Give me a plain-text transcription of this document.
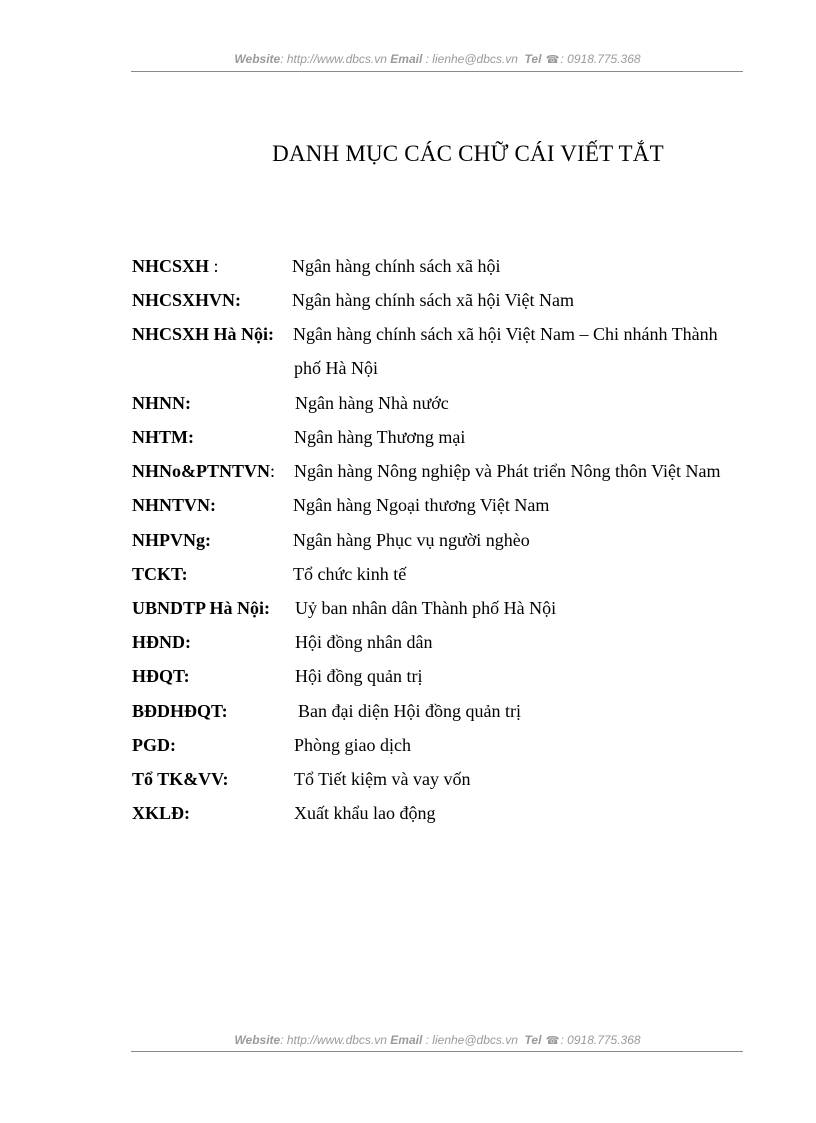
Website: http://www.dbcs.vn Email : lienhe@dbcs.vn Tel ☎: 0918.775.368
DANH MỤC CÁC CHỮ CÁI VIẾT TẮT
NHCSXH :	Ngân hàng chính sách xã hội
NHCSXHVN:	Ngân hàng chính sách xã hội Việt Nam
NHCSXH Hà Nội: Ngân hàng chính sách xã hội Việt Nam – Chi nhánh Thành
phố Hà Nội
NHNN:	Ngân hàng Nhà nước
NHTM:	Ngân hàng Thương mại
NHNo&PTNTVN: Ngân hàng Nông nghiệp và Phát triển Nông thôn Việt Nam
NHNTVN:	Ngân hàng Ngoại thương Việt Nam
NHPVNg:	Ngân hàng Phục vụ người nghèo
TCKT:	Tổ chức kinh tế
UBNDTP Hà Nội: Uỷ ban nhân dân Thành phố Hà Nội
HĐND:	Hội đồng nhân dân
HĐQT:	Hội đồng quản trị
BĐDHĐQT:	Ban đại diện Hội đồng quản trị
PGD:	Phòng giao dịch
Tổ TK&VV:	Tổ Tiết kiệm và vay vốn
XKLĐ:	Xuất khẩu lao động
Website: http://www.dbcs.vn Email : lienhe@dbcs.vn Tel ☎: 0918.775.368
